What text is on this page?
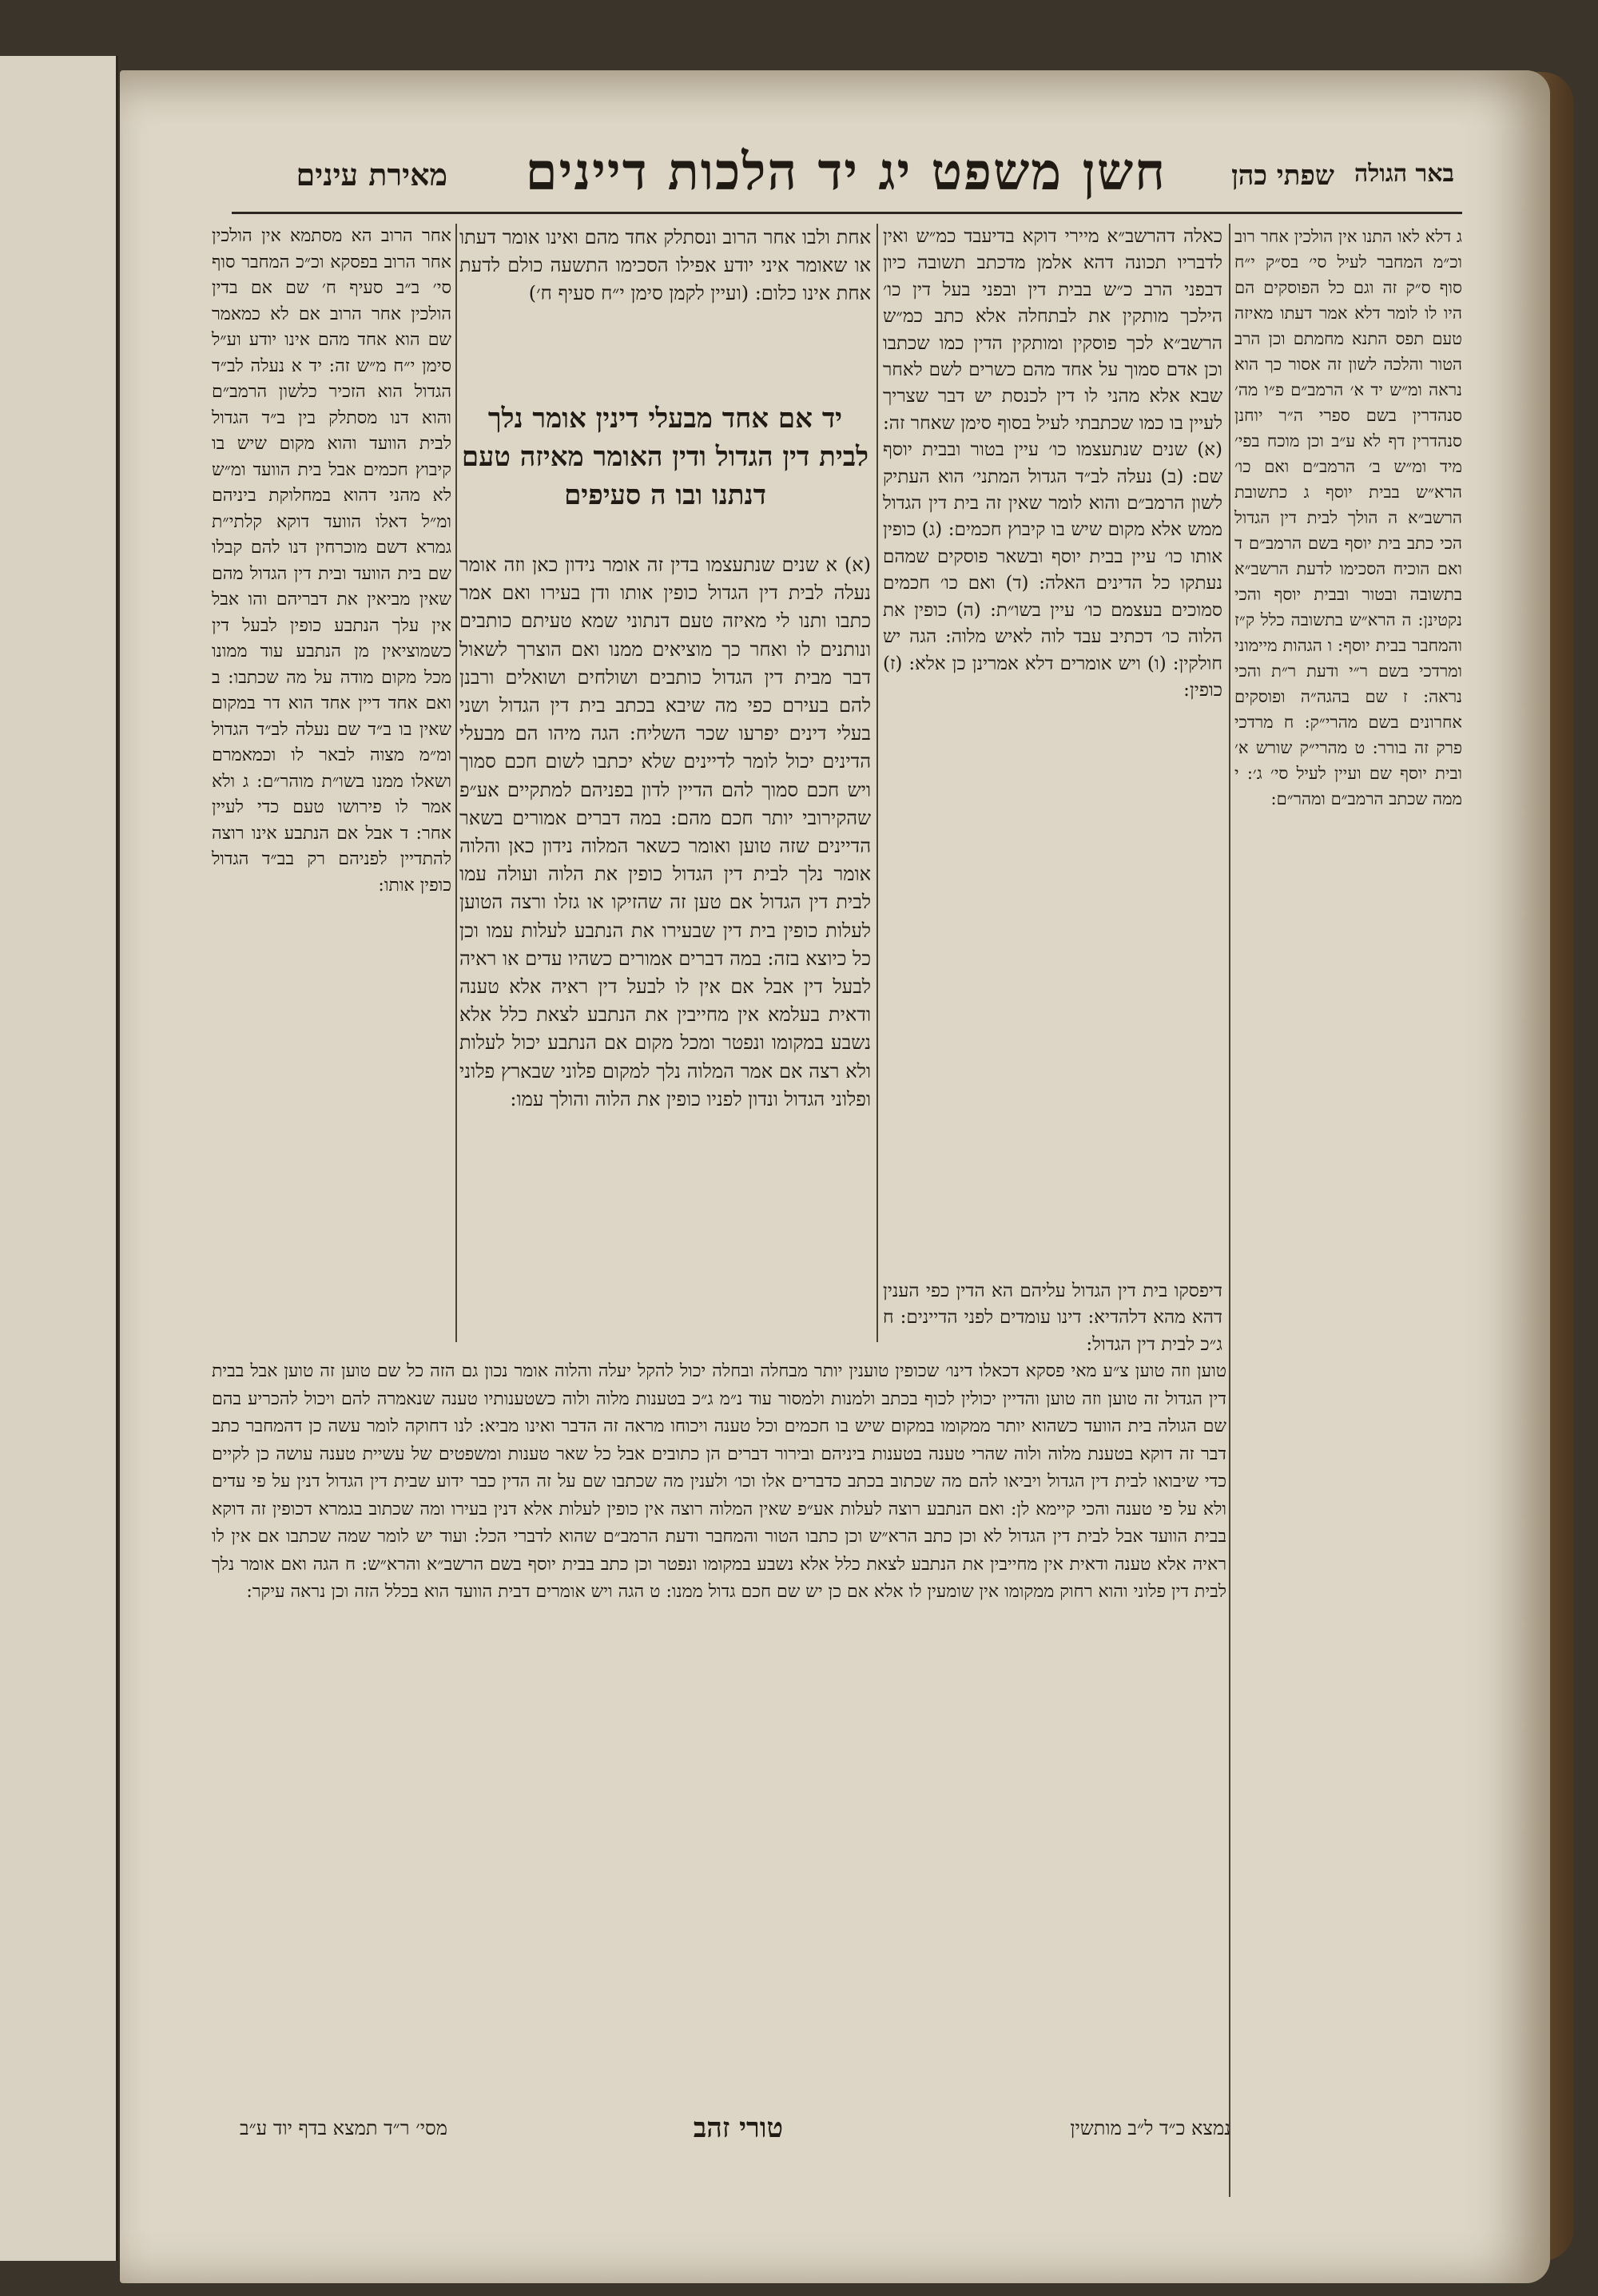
באר הגולה
שפתי כהן
חשן משפט יג יד הלכות דיינים
מאירת עינים

ג דלא לאו התנו אין הולכין אחר רוב וכ״מ המחבר לעיל סי׳ בס״ק י״ח סוף ס״ק זה וגם כל הפוסקים הם היו לו לומר דלא אמר דעתו מאיזה טעם תפס התנא מחמתם וכן הרב הטור והלכה לשון זה אסור כך הוא נראה ומ״ש יד א׳ הרמב״ם פ״ו מה׳ סנהדרין בשם ספרי ה״ר יוחנן סנהדרין דף לא ע״ב וכן מוכח בפי׳ מיד ומ״ש ב׳ הרמב״ם ואם כו׳ הרא״ש בבית יוסף ג כתשובת הרשב״א ה הולך לבית דין הגדול הכי כתב בית יוסף בשם הרמב״ם ד ואם הוכיח הסכימו לדעת הרשב״א בתשובה ובטור ובבית יוסף והכי נקטינן: ה הרא״ש בתשובה כלל ק״ז והמחבר בבית יוסף: ו הגהות מיימוני ומרדכי בשם ר״י ודעת ר״ת והכי נראה: ז שם בהגה״ה ופוסקים אחרונים בשם מהרי״ק: ח מרדכי פרק זה בורר: ט מהרי״ק שורש א׳ ובית יוסף שם ועיין לעיל סי׳ ג׳: י ממה שכתב הרמב״ם ומהר״ם:

כאלה דהרשב״א מיירי דוקא בדיעבד כמ״ש ואין לדבריו תכונה דהא אלמן מדכתב תשובה כיון דבפני הרב כ״ש בבית דין ובפני בעל דין כו׳ הילכך מותקין את לבתחלה אלא כתב כמ״ש הרשב״א לכך פוסקין ומותקין הדין כמו שכתבו וכן אדם סמוך על אחד מהם כשרים לשם לאחר שבא אלא מהני לו דין לכנסת יש דבר שצריך לעיין בו כמו שכתבתי לעיל בסוף סימן שאחר זה: (א) שנים שנתעצמו כו׳ עיין בטור ובבית יוסף שם: (ב) נעלה לב״ד הגדול המתני׳ הוא העתיק לשון הרמב״ם והוא לומר שאין זה בית דין הגדול ממש אלא מקום שיש בו קיבוץ חכמים: (ג) כופין אותו כו׳ עיין בבית יוסף ובשאר פוסקים שמהם נעתקו כל הדינים האלה: (ד) ואם כו׳ חכמים סמוכים בעצמם כו׳ עיין בשו״ת: (ה) כופין את הלוה כו׳ דכתיב עבד לוה לאיש מלוה: הגה יש חולקין: (ו) ויש אומרים דלא אמרינן כן אלא: (ז) כופין:

דיפסקו בית דין הגדול עליהם הא הדין כפי הענין דהא מהא דלהדיא: דינו עומדים לפני הדיינים: ח ג״כ לבית דין הגדול:

אחת ולבו אחר הרוב ונסתלק אחד מהם ואינו אומר דעתו או שאומר איני יודע אפילו הסכימו התשעה כולם לדעת אחת אינו כלום: (ועיין לקמן סימן י״ח סעיף ח׳)

יד אם אחד מבעלי דינין אומר נלך לבית דין הגדול ודין האומר מאיזה טעם דנתנו ובו ה סעיפים

(א) א שנים שנתעצמו בדין זה אומר נידון כאן וזה אומר נעלה לבית דין הגדול כופין אותו ודן בעירו ואם אמר כתבו ותנו לי מאיזה טעם דנתוני שמא טעיתם כותבים ונותנים לו ואחר כך מוציאים ממנו ואם הוצרך לשאול דבר מבית דין הגדול כותבים ושולחים ושואלים ורבנן להם בעירם כפי מה שיבא בכתב בית דין הגדול ושני בעלי דינים יפרעו שכר השליח: הגה מיהו הם מבעלי הדינים יכול לומר לדיינים שלא יכתבו לשום חכם סמוך ויש חכם סמוך להם הדיין לדון בפניהם למתקיים אע״פ שהקירובי יותר חכם מהם: במה דברים אמורים בשאר הדיינים שזה טוען ואומר כשאר המלוה נידון כאן והלוה אומר נלך לבית דין הגדול כופין את הלוה ועולה עמו לבית דין הגדול אם טען זה שהזיקו או גזלו ורצה הטוען לעלות כופין בית דין שבעירו את הנתבע לעלות עמו וכן כל כיוצא בזה: במה דברים אמורים כשהיו עדים או ראיה לבעל דין אבל אם אין לו לבעל דין ראיה אלא טענה ודאית בעלמא אין מחייבין את הנתבע לצאת כלל אלא נשבע במקומו ונפטר ומכל מקום אם הנתבע יכול לעלות ולא רצה אם אמר המלוה נלך למקום פלוני שבארץ פלוני ופלוני הגדול ונדון לפניו כופין את הלוה והולך עמו:

אחר הרוב הא מסתמא אין הולכין אחר הרוב בפסקא וכ״כ המחבר סוף סי׳ ב״ב סעיף ח׳ שם אם בדין הולכין אחר הרוב אם לא כמאמר שם הוא אחד מהם אינו יודע וע״ל סימן י״ח מ״ש זה: יד א נעלה לב״ד הגדול הוא הזכיר כלשון הרמב״ם והוא דנו מסתלק בין ב״ד הגדול לבית הוועד והוא מקום שיש בו קיבוץ חכמים אבל בית הוועד ומ״ש לא מהני דהוא במחלוקת ביניהם ומ״ל דאלו הוועד דוקא קלתי״ת גמרא דשם מוכרחין דנו להם קבלו שם בית הוועד ובית דין הגדול מהם שאין מביאין את דבריהם והו אבל אין עלך הנתבע כופין לבעל דין כשמוציאין מן הנתבע עוד ממונו מכל מקום מודה על מה שכתבו: ב ואם אחד דיין אחד הוא דר במקום שאין בו ב״ד שם נעלה לב״ד הגדול ומ״מ מצוה לבאר לו וכמאמרם ושאלו ממנו בשו״ת מוהר״ם: ג ולא אמר לו פירושו טעם כדי לעיין אחר: ד אבל אם הנתבע אינו רוצה להתדיין לפניהם רק בב״ד הגדול כופין אותו:

טוען וזה טוען צ״ע מאי פסקא דכאלו דינו׳ שכופין טוענין יותר מבחלה ובחלה יכול להקל יעלה והלוה אומר נכון גם הזה כל שם טוען זה טוען אבל בבית דין הגדול זה טוען וזה טוען והדיין יכולין לכוף בכתב ולמנות ולמסור עוד נ״מ ג״כ בטענות מלוה ולוה כשטענותיו טענה שנאמרה להם ויכול להכריע בהם שם הגולה בית הוועד כשהוא יותר ממקומו במקום שיש בו חכמים וכל טענה ויכוחו מראה זה הדבר ואינו מביא: לנו דחוקה לומר עשה כן דהמחבר כתב דבר זה דוקא בטענת מלוה ולוה שהרי טענה בטענות ביניהם ובירור דברים הן כתובים אבל כל שאר טענות ומשפטים של עשיית טענה עושה כן לקיים כדי שיבואו לבית דין הגדול ויביאו להם מה שכתוב בכתב כדברים אלו וכו׳ ולענין מה שכתבו שם על זה הדין כבר ידוע שבית דין הגדול דנין על פי עדים ולא על פי טענה והכי קיימא לן: ואם הנתבע רוצה לעלות אע״פ שאין המלוה רוצה אין כופין לעלות אלא דנין בעירו ומה שכתוב בגמרא דכופין זה דוקא בבית הוועד אבל לבית דין הגדול לא וכן כתב הרא״ש וכן כתבו הטור והמחבר ודעת הרמב״ם שהוא לדברי הכל: ועוד יש לומר שמה שכתבו אם אין לו ראיה אלא טענה ודאית אין מחייבין את הנתבע לצאת כלל אלא נשבע במקומו ונפטר וכן כתב בבית יוסף בשם הרשב״א והרא״ש: ח הגה ואם אומר נלך לבית דין פלוני והוא רחוק ממקומו אין שומעין לו אלא אם כן יש שם חכם גדול ממנו: ט הגה ויש אומרים דבית הוועד הוא בכלל הזה וכן נראה עיקר:

נמצא כ״ד ל״ב מותשין
טורי זהב
מסי׳ ר״ד תמצא בדף יוד ע״ב
